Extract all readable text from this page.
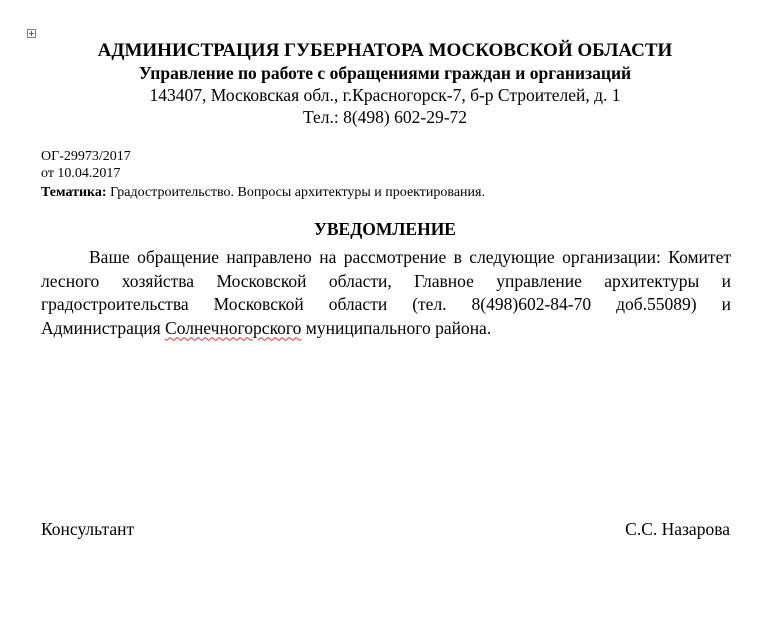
АДМИНИСТРАЦИЯ ГУБЕРНАТОРА МОСКОВСКОЙ ОБЛАСТИ
Управление по работе с обращениями граждан и организаций
143407, Московская обл., г.Красногорск-7, б-р Строителей, д. 1
Тел.: 8(498) 602-29-72
ОГ-29973/2017
от 10.04.2017
Тематика: Градостроительство. Вопросы архитектуры и проектирования.
УВЕДОМЛЕНИЕ

Ваше обращение направлено на рассмотрение в следующие организации: Комитет лесного хозяйства Московской области, Главное управление архитектуры и градостроительства Московской области (тел. 8(498)602-84-70 доб.55089) и Администрация Солнечногорского муниципального района.

Консультант	С.С. Назарова
